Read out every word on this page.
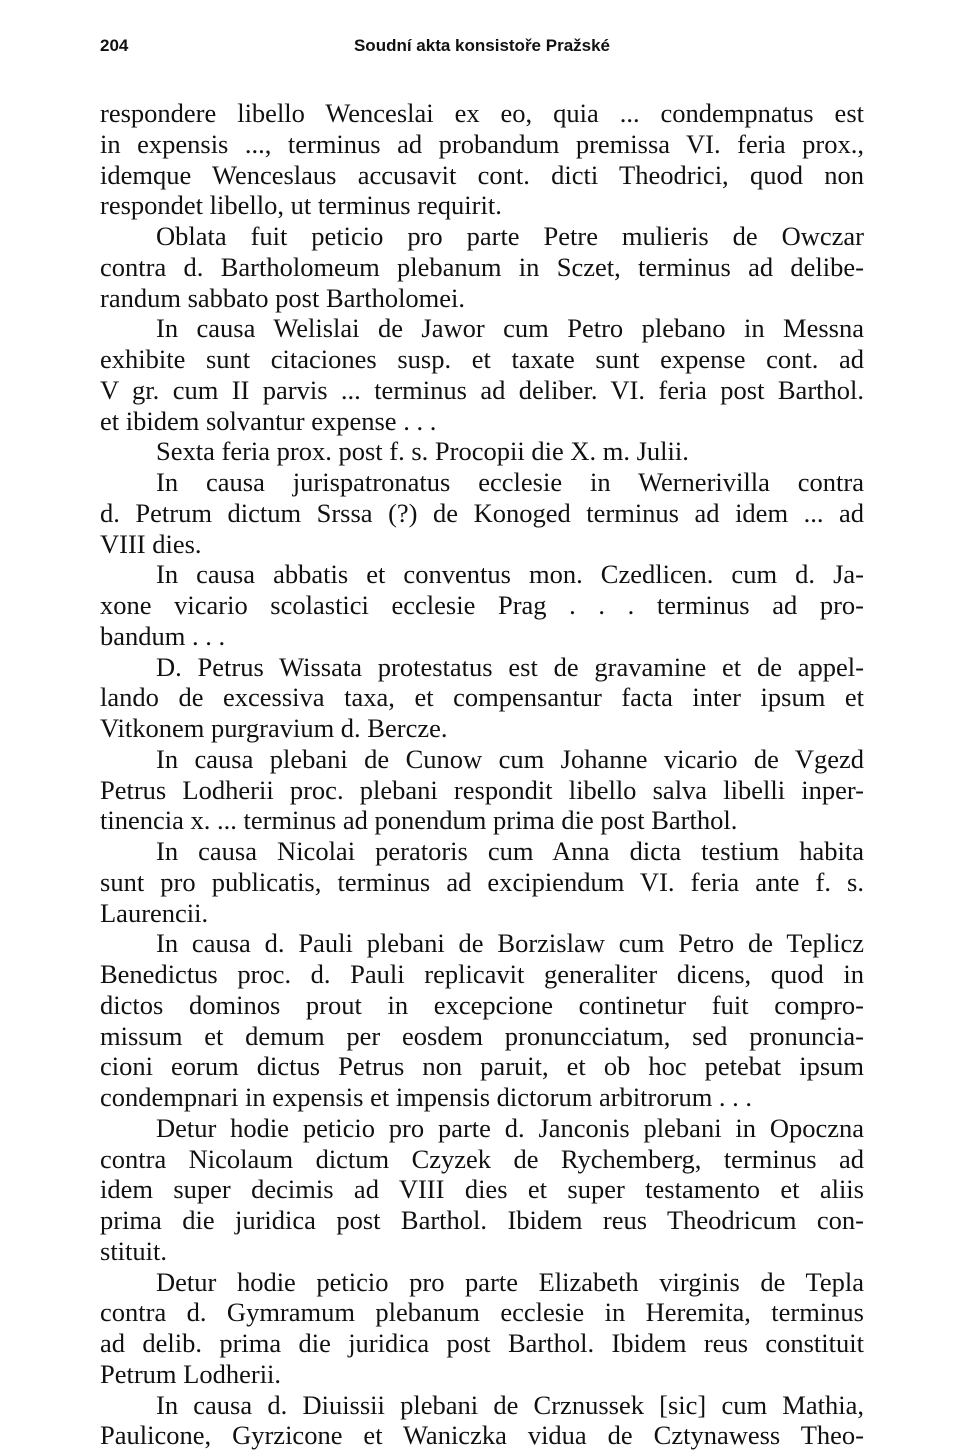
204	Soudní akta konsistoře Pražské
respondere libello Wenceslai ex eo, quia ... condempnatus est
in expensis ..., terminus ad probandum premissa VI. feria prox.,
idemque Wenceslaus accusavit cont. dicti Theodrici, quod non
respondet libello, ut terminus requirit.
Oblata fuit peticio pro parte Petre mulieris de Owczar
contra d. Bartholomeum plebanum in Sczet, terminus ad delibe-
randum sabbato post Bartholomei.
In causa Welislai de Jawor cum Petro plebano in Messna
exhibite sunt citaciones susp. et taxate sunt expense cont. ad
V gr. cum II parvis ... terminus ad deliber. VI. feria post Barthol.
et ibidem solvantur expense . . .
Sexta feria prox. post f. s. Procopii die X. m. Julii.
In causa jurispatronatus ecclesie in Wernerivilla contra
d. Petrum dictum Srssa (?) de Konoged terminus ad idem ... ad
VIII dies.
In causa abbatis et conventus mon. Czedlicen. cum d. Ja-
xone vicario scolastici ecclesie Prag . . . terminus ad pro-
bandum . . .
D. Petrus Wissata protestatus est de gravamine et de appel-
lando de excessiva taxa, et compensantur facta inter ipsum et
Vitkonem purgravium d. Bercze.
In causa plebani de Cunow cum Johanne vicario de Vgezd
Petrus Lodherii proc. plebani respondit libello salva libelli inper-
tinencia x. ... terminus ad ponendum prima die post Barthol.
In causa Nicolai peratoris cum Anna dicta testium habita
sunt pro publicatis, terminus ad excipiendum VI. feria ante f. s.
Laurencii.
In causa d. Pauli plebani de Borzislaw cum Petro de Teplicz
Benedictus proc. d. Pauli replicavit generaliter dicens, quod in
dictos dominos prout in excepcione continetur fuit compro-
missum et demum per eosdem pronuncciatum, sed pronuncia-
cioni eorum dictus Petrus non paruit, et ob hoc petebat ipsum
condempnari in expensis et impensis dictorum arbitrorum . . .
Detur hodie peticio pro parte d. Janconis plebani in Opoczna
contra Nicolaum dictum Czyzek de Rychemberg, terminus ad
idem super decimis ad VIII dies et super testamento et aliis
prima die juridica post Barthol. Ibidem reus Theodricum con-
stituit.
Detur hodie peticio pro parte Elizabeth virginis de Tepla
contra d. Gymramum plebanum ecclesie in Heremita, terminus
ad delib. prima die juridica post Barthol. Ibidem reus constituit
Petrum Lodherii.
In causa d. Diuissii plebani de Crznussek [sic] cum Mathia,
Paulicone, Gyrzicone et Waniczka vidua de Cztynawess Theo-
